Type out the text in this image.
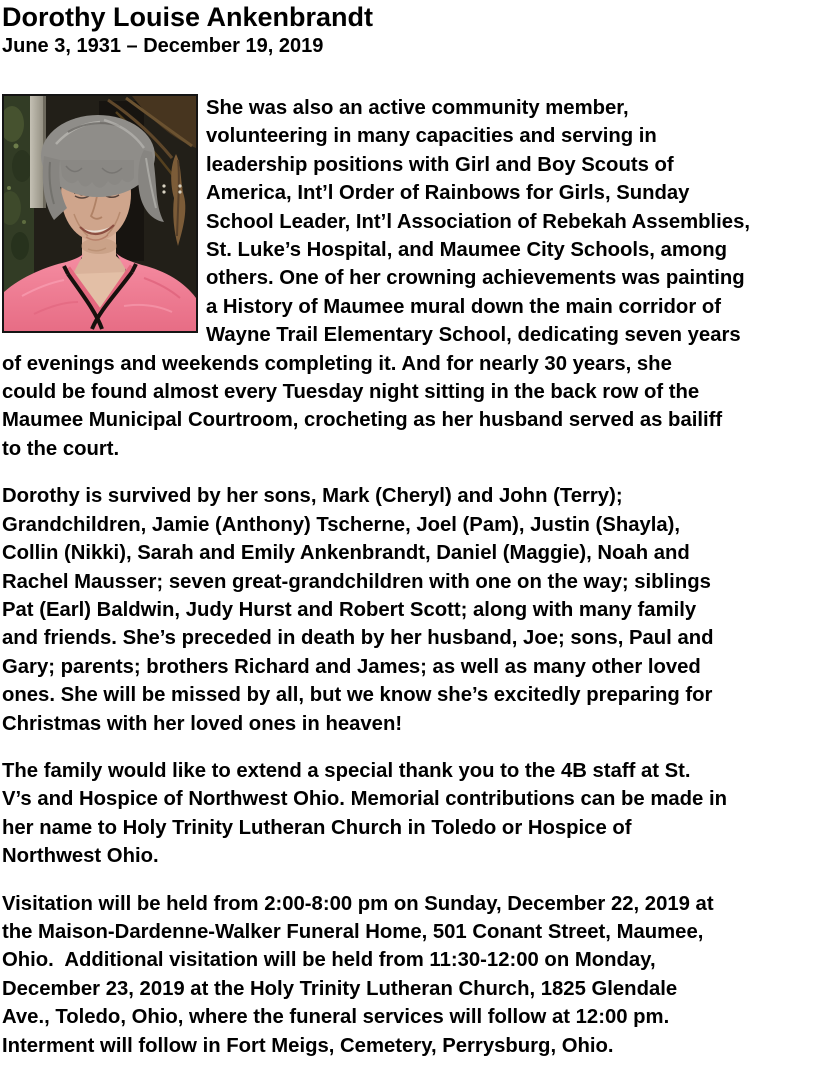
Dorothy Louise Ankenbrandt
June 3, 1931 – December 19, 2019
She was also an active community member,
volunteering in many capacities and serving in
leadership positions with Girl and Boy Scouts of
America, Int’l Order of Rainbows for Girls, Sunday
School Leader, Int’l Association of Rebekah Assemblies,
St. Luke’s Hospital, and Maumee City Schools, among
others. One of her crowning achievements was painting
a History of Maumee mural down the main corridor of
Wayne Trail Elementary School, dedicating seven years
of evenings and weekends completing it. And for nearly 30 years, she
could be found almost every Tuesday night sitting in the back row of the
Maumee Municipal Courtroom, crocheting as her husband served as bailiff
to the court.
Dorothy is survived by her sons, Mark (Cheryl) and John (Terry);
Grandchildren, Jamie (Anthony) Tscherne, Joel (Pam), Justin (Shayla),
Collin (Nikki), Sarah and Emily Ankenbrandt, Daniel (Maggie), Noah and
Rachel Mausser; seven great-grandchildren with one on the way; siblings
Pat (Earl) Baldwin, Judy Hurst and Robert Scott; along with many family
and friends. She’s preceded in death by her husband, Joe; sons, Paul and
Gary; parents; brothers Richard and James; as well as many other loved
ones. She will be missed by all, but we know she’s excitedly preparing for
Christmas with her loved ones in heaven!
The family would like to extend a special thank you to the 4B staff at St.
V’s and Hospice of Northwest Ohio. Memorial contributions can be made in
her name to Holy Trinity Lutheran Church in Toledo or Hospice of
Northwest Ohio.
Visitation will be held from 2:00-8:00 pm on Sunday, December 22, 2019 at
the Maison-Dardenne-Walker Funeral Home, 501 Conant Street, Maumee,
Ohio.  Additional visitation will be held from 11:30-12:00 on Monday,
December 23, 2019 at the Holy Trinity Lutheran Church, 1825 Glendale
Ave., Toledo, Ohio, where the funeral services will follow at 12:00 pm.
Interment will follow in Fort Meigs, Cemetery, Perrysburg, Ohio.
